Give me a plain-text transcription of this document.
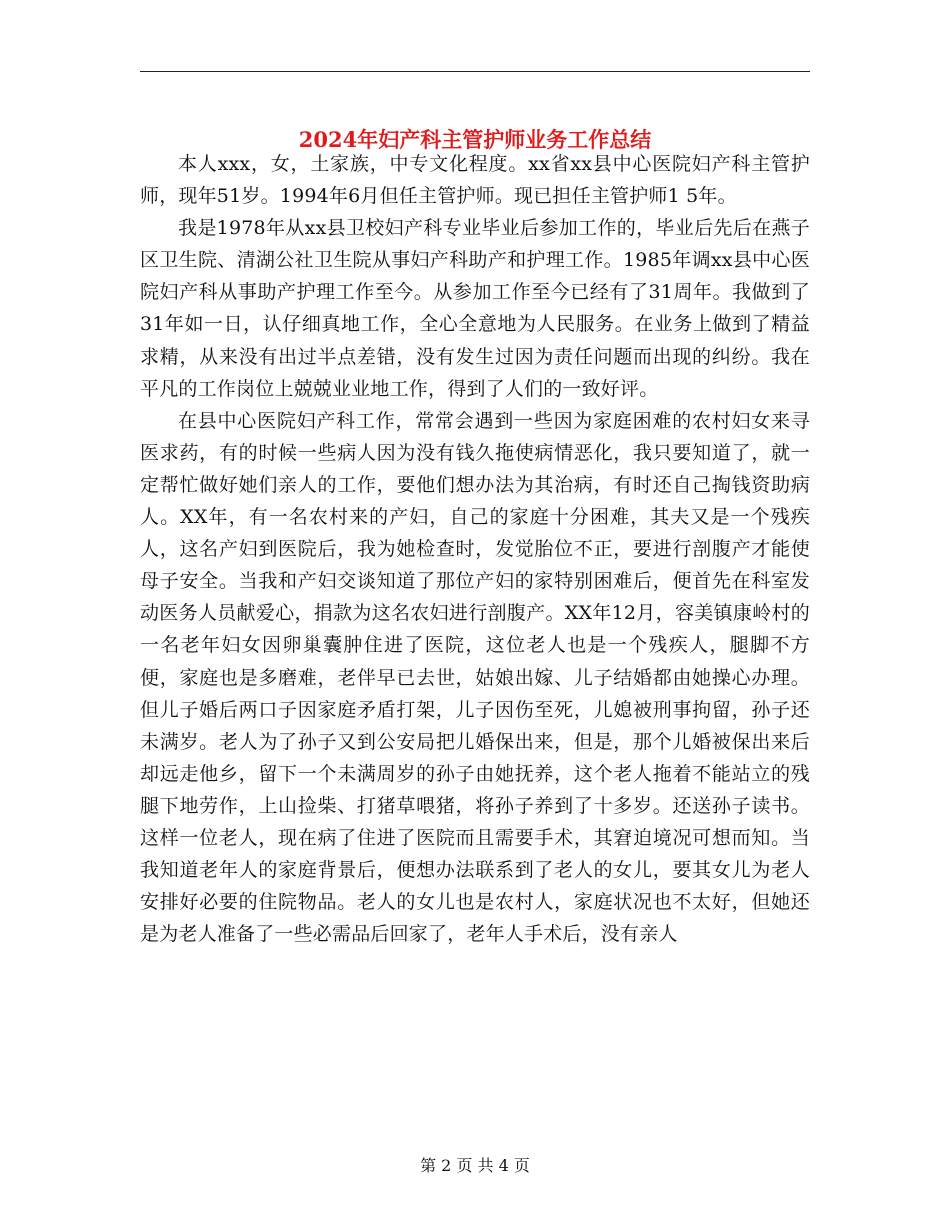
2024年妇产科主管护师业务工作总结

本人xxx，女，土家族，中专文化程度。xx省xx县中心医院妇产科主管护师，现年51岁。1994年6月但任主管护师。现已担任主管护师1 5年。

我是1978年从xx县卫校妇产科专业毕业后参加工作的，毕业后先后在燕子区卫生院、清湖公社卫生院从事妇产科助产和护理工作。1985年调xx县中心医院妇产科从事助产护理工作至今。从参加工作至今已经有了31周年。我做到了31年如一日，认仔细真地工作，全心全意地为人民服务。在业务上做到了精益求精，从来没有出过半点差错，没有发生过因为责任问题而出现的纠纷。我在平凡的工作岗位上兢兢业业地工作，得到了人们的一致好评。

在县中心医院妇产科工作，常常会遇到一些因为家庭困难的农村妇女来寻医求药，有的时候一些病人因为没有钱久拖使病情恶化，我只要知道了，就一定帮忙做好她们亲人的工作，要他们想办法为其治病，有时还自己掏钱资助病人。XX年，有一名农村来的产妇，自己的家庭十分困难，其夫又是一个残疾人，这名产妇到医院后，我为她检查时，发觉胎位不正，要进行剖腹产才能使母子安全。当我和产妇交谈知道了那位产妇的家特别困难后，便首先在科室发动医务人员献爱心，捐款为这名农妇进行剖腹产。XX年12月，容美镇康岭村的一名老年妇女因卵巢囊肿住进了医院，这位老人也是一个残疾人，腿脚不方便，家庭也是多磨难，老伴早已去世，姑娘出嫁、儿子结婚都由她操心办理。但儿子婚后两口子因家庭矛盾打架，儿子因伤至死，儿媳被刑事拘留，孙子还未满岁。老人为了孙子又到公安局把儿婚保出来，但是，那个儿婚被保出来后却远走他乡，留下一个未满周岁的孙子由她抚养，这个老人拖着不能站立的残腿下地劳作，上山捡柴、打猪草喂猪，将孙子养到了十多岁。还送孙子读书。这样一位老人，现在病了住进了医院而且需要手术，其窘迫境况可想而知。当我知道老年人的家庭背景后，便想办法联系到了老人的女儿，要其女儿为老人安排好必要的住院物品。老人的女儿也是农村人，家庭状况也不太好，但她还是为老人准备了一些必需品后回家了，老年人手术后，没有亲人

第 2 页 共 4 页
